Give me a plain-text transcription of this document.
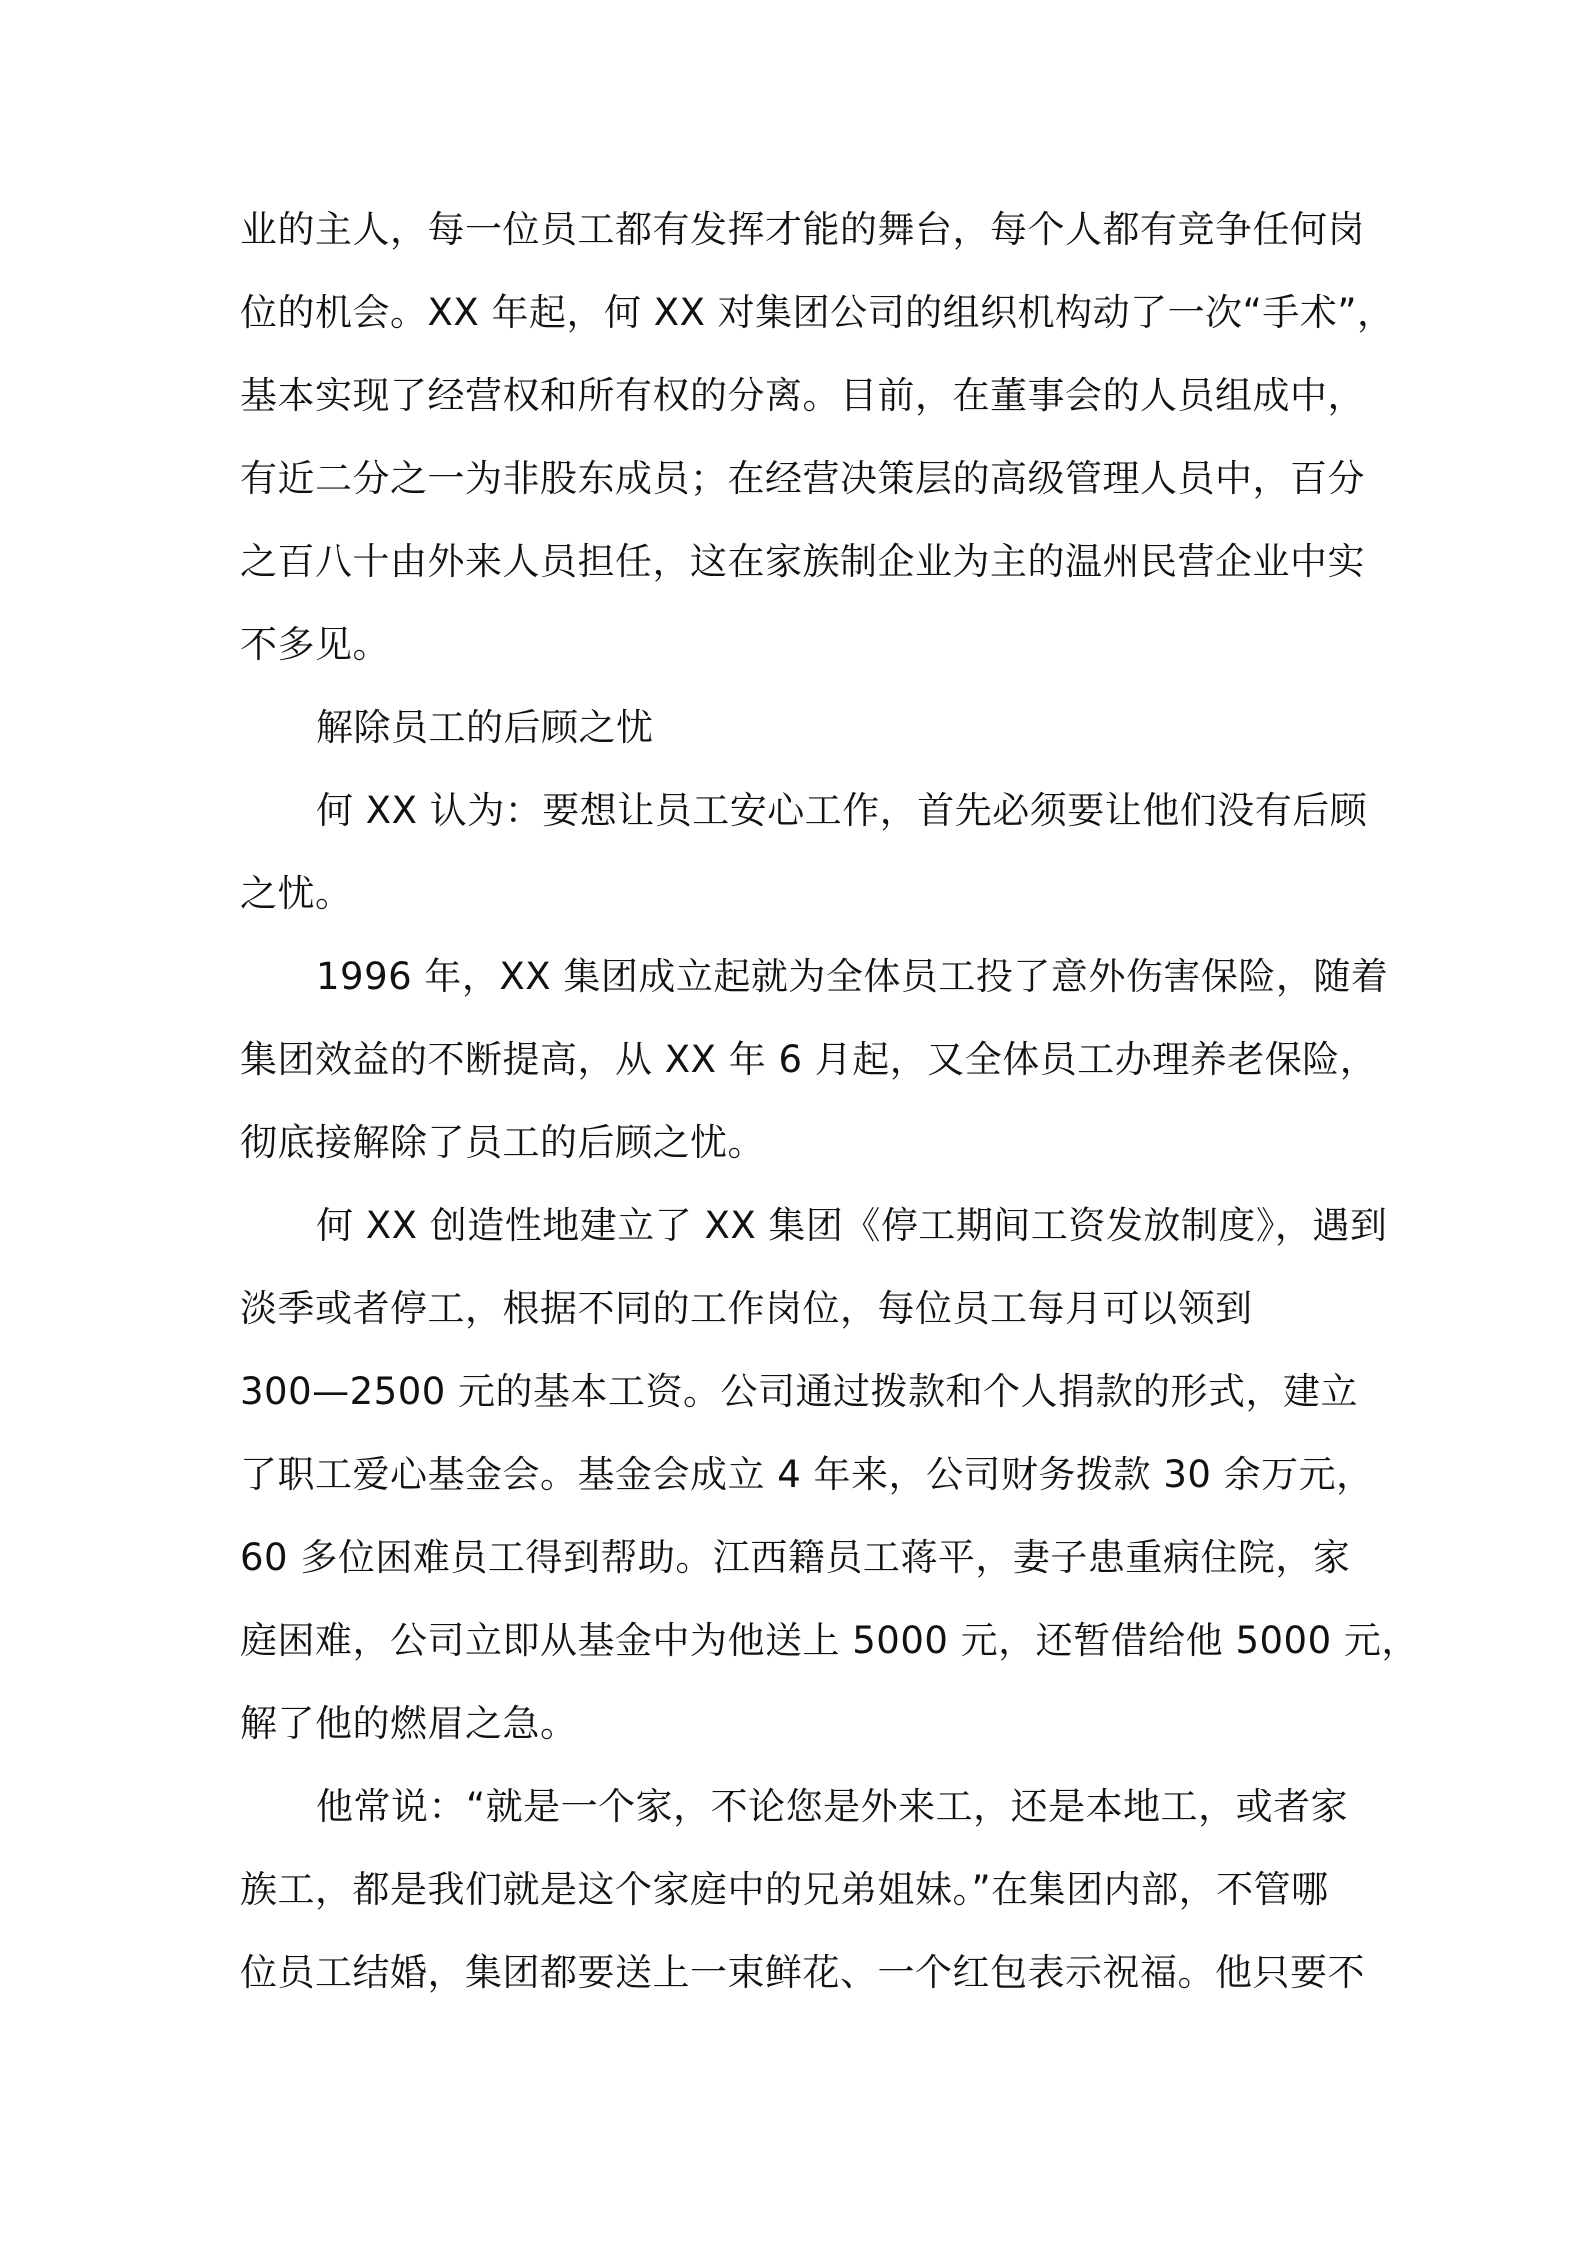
业的主人，每一位员工都有发挥才能的舞台，每个人都有竞争任何岗
位的机会。XX 年起，何 XX 对集团公司的组织机构动了一次“手术”，
基本实现了经营权和所有权的分离。目前，在董事会的人员组成中，
有近二分之一为非股东成员；在经营决策层的高级管理人员中，百分
之百八十由外来人员担任，这在家族制企业为主的温州民营企业中实
不多见。
解除员工的后顾之忧
何 XX 认为：要想让员工安心工作，首先必须要让他们没有后顾
之忧。
1996 年，XX 集团成立起就为全体员工投了意外伤害保险，随着
集团效益的不断提高，从 XX 年 6 月起，又全体员工办理养老保险，
彻底接解除了员工的后顾之忧。
何 XX 创造性地建立了 XX 集团《停工期间工资发放制度》，遇到
淡季或者停工，根据不同的工作岗位，每位员工每月可以领到
300—2500 元的基本工资。公司通过拨款和个人捐款的形式，建立
了职工爱心基金会。基金会成立 4 年来，公司财务拨款 30 余万元，
60 多位困难员工得到帮助。江西籍员工蒋平，妻子患重病住院，家
庭困难，公司立即从基金中为他送上 5000 元，还暂借给他 5000 元，
解了他的燃眉之急。
他常说：“就是一个家，不论您是外来工，还是本地工，或者家
族工，都是我们就是这个家庭中的兄弟姐妹。”在集团内部，不管哪
位员工结婚，集团都要送上一束鲜花、一个红包表示祝福。他只要不
